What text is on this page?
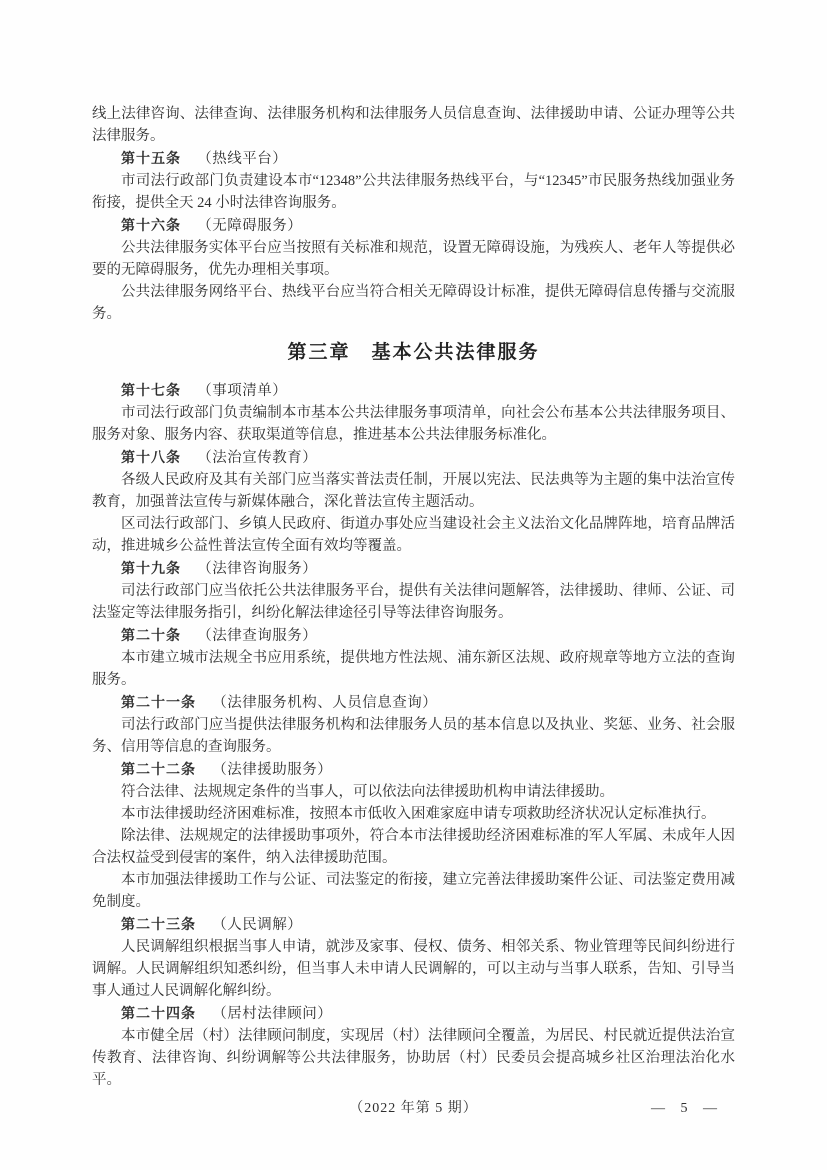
线上法律咨询、法律查询、法律服务机构和法律服务人员信息查询、法律援助申请、公证办理等公共法律服务。

第十五条 （热线平台）

市司法行政部门负责建设本市“12348”公共法律服务热线平台，与“12345”市民服务热线加强业务衔接，提供全天 24 小时法律咨询服务。

第十六条 （无障碍服务）

公共法律服务实体平台应当按照有关标准和规范，设置无障碍设施，为残疾人、老年人等提供必要的无障碍服务，优先办理相关事项。

公共法律服务网络平台、热线平台应当符合相关无障碍设计标准，提供无障碍信息传播与交流服务。

第三章　基本公共法律服务

第十七条 （事项清单）

市司法行政部门负责编制本市基本公共法律服务事项清单，向社会公布基本公共法律服务项目、服务对象、服务内容、获取渠道等信息，推进基本公共法律服务标准化。

第十八条 （法治宣传教育）

各级人民政府及其有关部门应当落实普法责任制，开展以宪法、民法典等为主题的集中法治宣传教育，加强普法宣传与新媒体融合，深化普法宣传主题活动。

区司法行政部门、乡镇人民政府、街道办事处应当建设社会主义法治文化品牌阵地，培育品牌活动，推进城乡公益性普法宣传全面有效均等覆盖。

第十九条 （法律咨询服务）

司法行政部门应当依托公共法律服务平台，提供有关法律问题解答，法律援助、律师、公证、司法鉴定等法律服务指引，纠纷化解法律途径引导等法律咨询服务。

第二十条 （法律查询服务）

本市建立城市法规全书应用系统，提供地方性法规、浦东新区法规、政府规章等地方立法的查询服务。

第二十一条 （法律服务机构、人员信息查询）

司法行政部门应当提供法律服务机构和法律服务人员的基本信息以及执业、奖惩、业务、社会服务、信用等信息的查询服务。

第二十二条 （法律援助服务）

符合法律、法规规定条件的当事人，可以依法向法律援助机构申请法律援助。

本市法律援助经济困难标准，按照本市低收入困难家庭申请专项救助经济状况认定标准执行。

除法律、法规规定的法律援助事项外，符合本市法律援助经济困难标准的军人军属、未成年人因合法权益受到侵害的案件，纳入法律援助范围。

本市加强法律援助工作与公证、司法鉴定的衔接，建立完善法律援助案件公证、司法鉴定费用减免制度。

第二十三条 （人民调解）

人民调解组织根据当事人申请，就涉及家事、侵权、债务、相邻关系、物业管理等民间纠纷进行调解。人民调解组织知悉纠纷，但当事人未申请人民调解的，可以主动与当事人联系，告知、引导当事人通过人民调解化解纠纷。

第二十四条 （居村法律顾问）

本市健全居（村）法律顾问制度，实现居（村）法律顾问全覆盖，为居民、村民就近提供法治宣传教育、法律咨询、纠纷调解等公共法律服务，协助居（村）民委员会提高城乡社区治理法治化水平。

（2022 年第 5 期）	— 5 —
